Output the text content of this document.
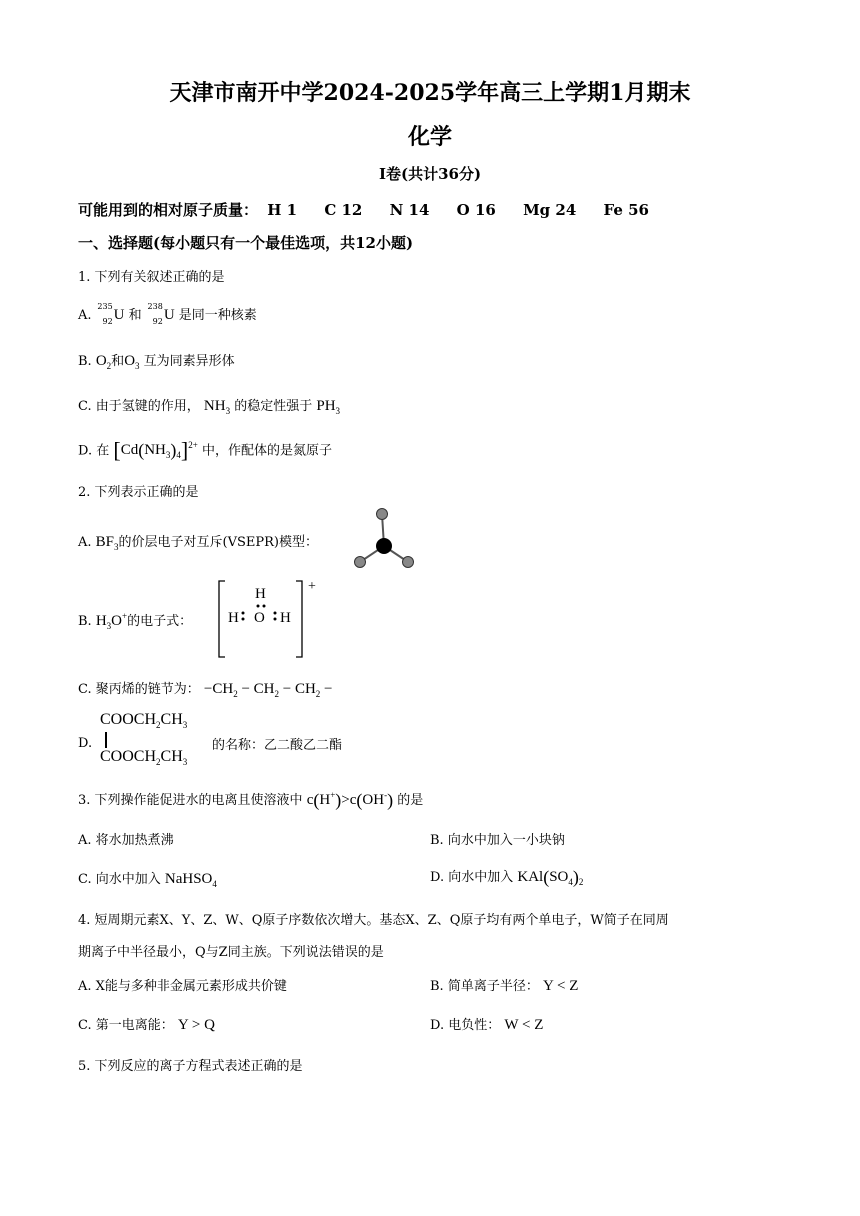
天津市南开中学2024-2025学年高三上学期1月期末
化学
Ⅰ卷(共计36分)
可能用到的相对原子质量： H 1 C 12 N 14 O 16 Mg 24 Fe 56
一、选择题(每小题只有一个最佳选项，共12小题)
1. 下列有关叙述正确的是
A.
235
92 U 和
238
92 U 是同一种核素
B. $O_2$和$O_3$ 互为同素异形体
C. 由于氢键的作用， $NH_3$ 的稳定性强于 $PH_3$
D. 在 $[Cd(NH_3)_4]^{2+}$ 中，作配体的是氮原子
2. 下列表示正确的是
A. $BF_3$的价层电子对互斥(VSEPR)模型：
B. $H_3O^+$的电子式：
+
H
H O H
C. 聚丙烯的链节为： $-CH_2 - CH_2 - CH_2$ −
D.
$COOCH_2CH_3$
$COOCH_2CH_3$
的名称：乙二酸乙二酯
3. 下列操作能促进水的电离且使溶液中 c(H+)>c(OH-) 的是
A. 将水加热煮沸	B. 向水中加入一小块钠
C. 向水中加入 NaHSO$_4$	D. 向水中加入 $KAl(SO_4)_2$
4. 短周期元素X、Y、Z、W、Q原子序数依次增大。基态X、Z、Q原子均有两个单电子，W简子在同周
期离子中半径最小，Q与Z同主族。下列说法错误的是
A. X能与多种非金属元素形成共价键	B. 简单离子半径： Y < Z
C. 第一电离能： Y > Q	D. 电负性： W < Z
5. 下列反应的离子方程式表述正确的是
